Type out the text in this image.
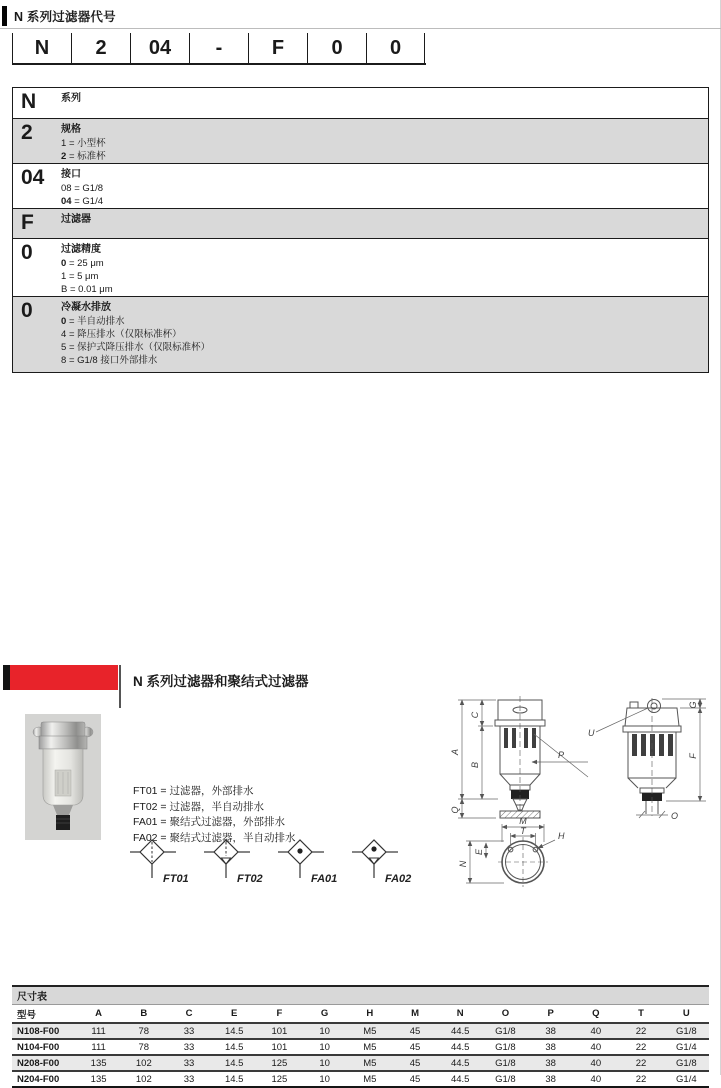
N 系列过滤器代号
N	2	04	-	F	0	0
N	系列
2	规格
1 = 小型杯
2 = 标准杯
04	接口
08 = G1/8
04 = G1/4
F	过滤器
0	过滤精度
0 = 25 μm
1 = 5 μm
B = 0.01 μm
0	冷凝水排放
0 = 半自动排水
4 = 降压排水（仅限标准杯）
5 = 保护式降压排水（仅限标准杯）
8 = G1/8 接口外部排水
N 系列过滤器和聚结式过滤器
FT01 = 过滤器，外部排水
FT02 = 过滤器，半自动排水
FA01 = 聚结式过滤器，外部排水
FA02 = 聚结式过滤器，半自动排水
FT01	FT02	FA01	FA02
A
C
B
Q
P
U
G
F
O
M
T	H
N
E
尺寸表
型号	A	B	C	E	F	G	H	M	N	O	P	Q	T	U
N108-F00	111	78	33	14.5	101	10	M5	45	44.5	G1/8	38	40	22	G1/8
N104-F00	111	78	33	14.5	101	10	M5	45	44.5	G1/8	38	40	22	G1/4
N208-F00	135	102	33	14.5	125	10	M5	45	44.5	G1/8	38	40	22	G1/8
N204-F00	135	102	33	14.5	125	10	M5	45	44.5	G1/8	38	40	22	G1/4
